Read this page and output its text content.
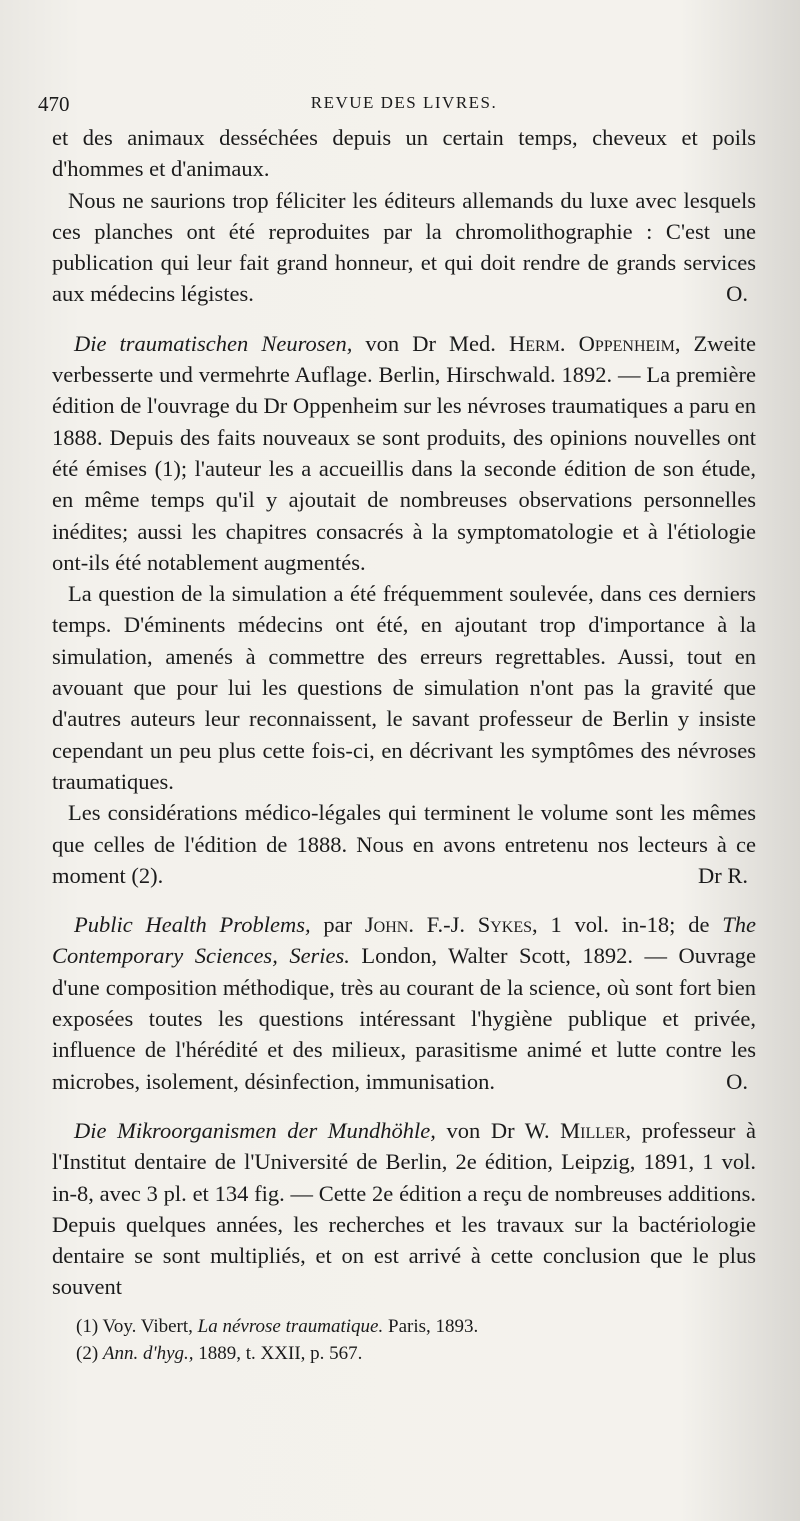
470	REVUE DES LIVRES.

et des animaux desséchées depuis un certain temps, cheveux et poils d'hommes et d'animaux.

Nous ne saurions trop féliciter les éditeurs allemands du luxe avec lesquels ces planches ont été reproduites par la chromolithographie : C'est une publication qui leur fait grand honneur, et qui doit rendre de grands services aux médecins légistes.	O.

Die traumatischen Neurosen, von Dr Med. Herm. Oppenheim, Zweite verbesserte und vermehrte Auflage. Berlin, Hirschwald. 1892. — La première édition de l'ouvrage du Dr Oppenheim sur les névroses traumatiques a paru en 1888. Depuis des faits nouveaux se sont produits, des opinions nouvelles ont été émises (1); l'auteur les a accueillis dans la seconde édition de son étude, en même temps qu'il y ajoutait de nombreuses observations personnelles inédites; aussi les chapitres consacrés à la symptomatologie et à l'étiologie ont-ils été notablement augmentés.

La question de la simulation a été fréquemment soulevée, dans ces derniers temps. D'éminents médecins ont été, en ajoutant trop d'importance à la simulation, amenés à commettre des erreurs regrettables. Aussi, tout en avouant que pour lui les questions de simulation n'ont pas la gravité que d'autres auteurs leur reconnaissent, le savant professeur de Berlin y insiste cependant un peu plus cette fois-ci, en décrivant les symptômes des névroses traumatiques.

Les considérations médico-légales qui terminent le volume sont les mêmes que celles de l'édition de 1888. Nous en avons entretenu nos lecteurs à ce moment (2).	Dr R.

Public Health Problems, par John. F.-J. Sykes, 1 vol. in-18; de The Contemporary Sciences, Series. London, Walter Scott, 1892. — Ouvrage d'une composition méthodique, très au courant de la science, où sont fort bien exposées toutes les questions intéressant l'hygiène publique et privée, influence de l'hérédité et des milieux, parasitisme animé et lutte contre les microbes, isolement, désinfection, immunisation.	O.

Die Mikroorganismen der Mundhöhle, von Dr W. Miller, professeur à l'Institut dentaire de l'Université de Berlin, 2e édition, Leipzig, 1891, 1 vol. in-8, avec 3 pl. et 134 fig. — Cette 2e édition a reçu de nombreuses additions. Depuis quelques années, les recherches et les travaux sur la bactériologie dentaire se sont multipliés, et on est arrivé à cette conclusion que le plus souvent

(1) Voy. Vibert, La névrose traumatique. Paris, 1893.

(2) Ann. d'hyg., 1889, t. XXII, p. 567.
